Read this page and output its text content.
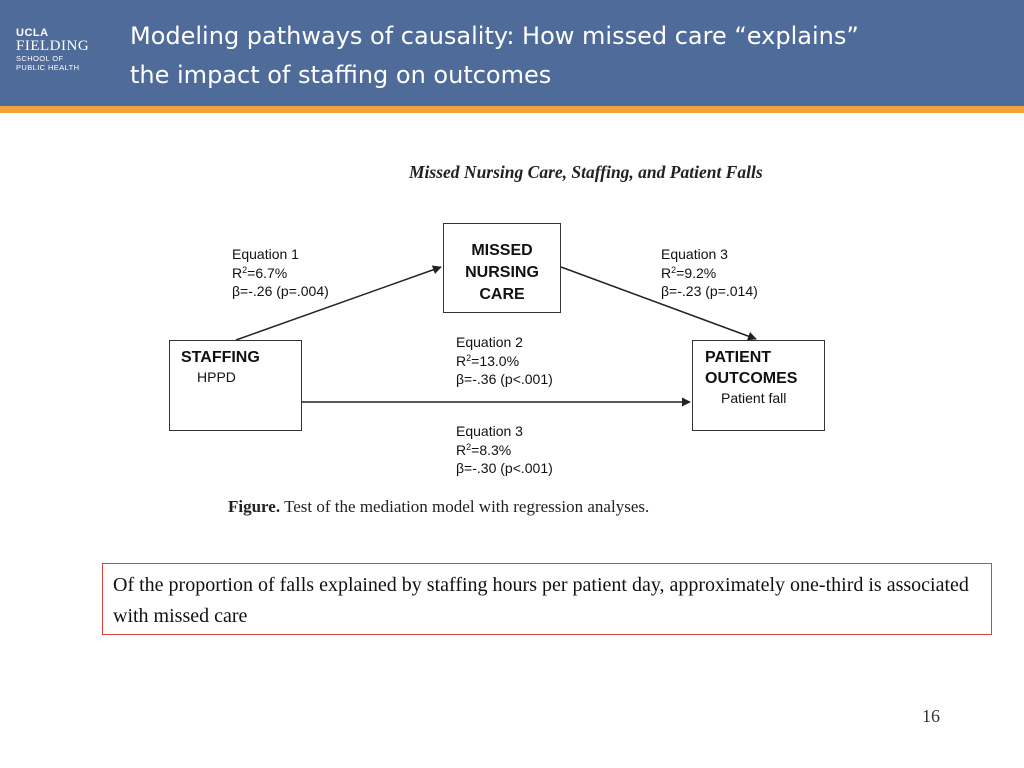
UCLA
FIELDING
SCHOOL OF
PUBLIC HEALTH
Modeling pathways of causality: How missed care “explains”
the impact of staffing on outcomes
Missed Nursing Care, Staffing, and Patient Falls
MISSED
NURSING
CARE
STAFFING
HPPD
PATIENT
OUTCOMES
Patient fall
Equation 1
$R^2=6.7\%$
β=-.26 (p=.004)
Equation 2
$R^2=13.0\%$
β=-.36 (p<.001)
Equation 3
$R^2=9.2\%$
β=-.23 (p=.014)
Equation 3
$R^2=8.3\%$
β=-.30 (p<.001)
Figure. Test of the mediation model with regression analyses.
Of the proportion of falls explained by staffing hours per patient day, approximately one-third is associated with missed care
16
